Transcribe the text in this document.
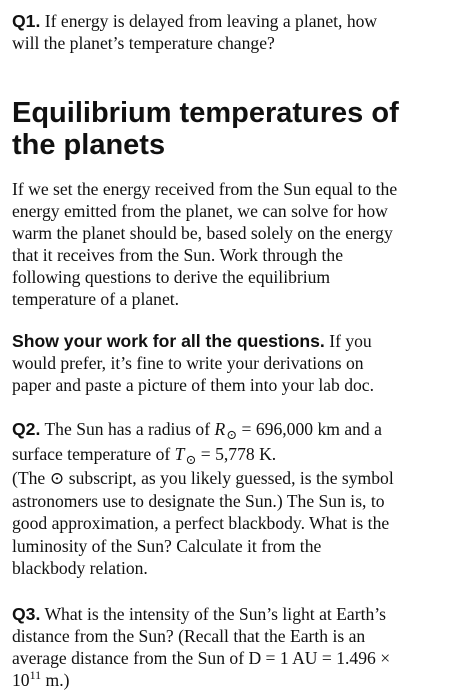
Q1. If energy is delayed from leaving a planet, how
will the planet’s temperature change?

Equilibrium temperatures of
the planets

If we set the energy received from the Sun equal to the
energy emitted from the planet, we can solve for how
warm the planet should be, based solely on the energy
that it receives from the Sun. Work through the
following questions to derive the equilibrium
temperature of a planet.

Show your work for all the questions. If you
would prefer, it’s fine to write your derivations on
paper and paste a picture of them into your lab doc.

Q2. The Sun has a radius of R⊙ = 696,000 km and a
surface temperature of T⊙ = 5,778 K.
(The ⊙ subscript, as you likely guessed, is the symbol
astronomers use to designate the Sun.) The Sun is, to
good approximation, a perfect blackbody. What is the
luminosity of the Sun? Calculate it from the
blackbody relation.

Q3. What is the intensity of the Sun’s light at Earth’s
distance from the Sun? (Recall that the Earth is an
average distance from the Sun of D = 1 AU = 1.496 ×
$10^{11}$ m.)
